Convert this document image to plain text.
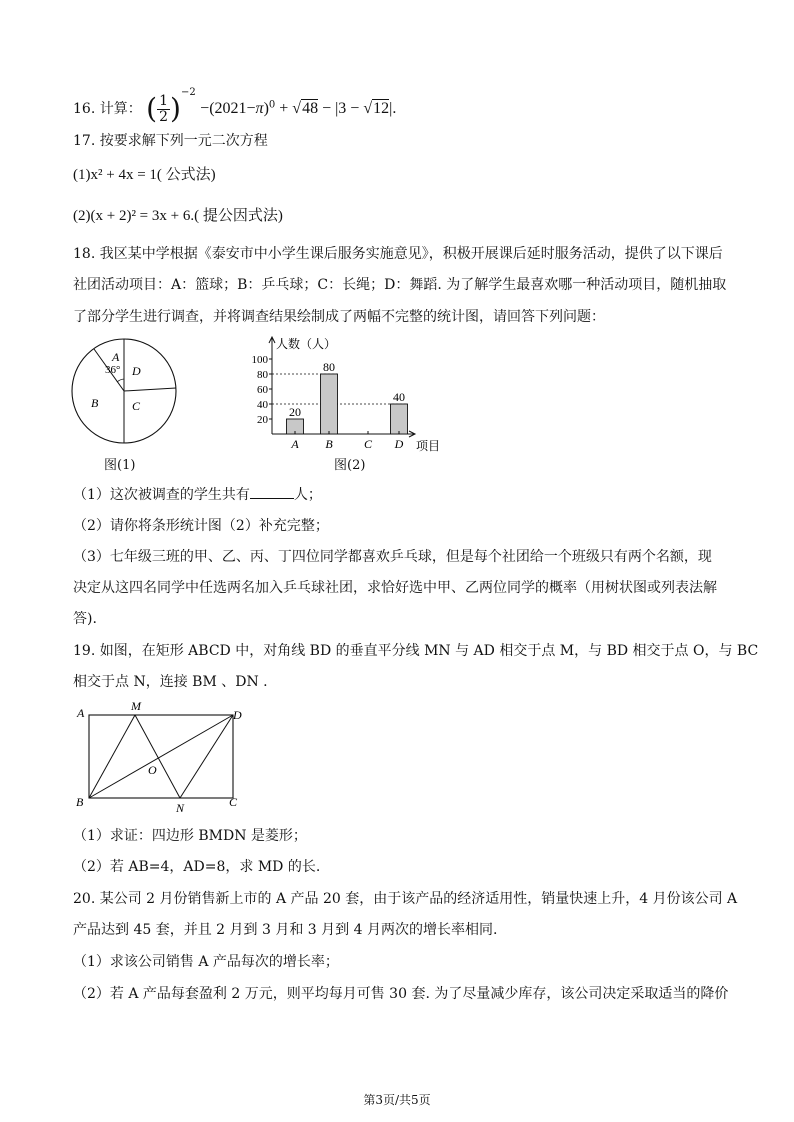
16. 计算： ( $\frac{1}{2} )^{-2} -(2021-\pi)^0 + √48 - |3 - √12|$.
17. 按要求解下列一元二次方程
(1)x² + 4x = 1( 公式法)
(2)(x + 2)² = 3x + 6.( 提公因式法)
18. 我区某中学根据《泰安市中小学生课后服务实施意见》，积极开展课后延时服务活动，提供了以下课后
社团活动项目：A：篮球；B：乒乓球；C：长绳；D：舞蹈. 为了解学生最喜欢哪一种活动项目，随机抽取
了部分学生进行调查，并将调查结果绘制成了两幅不完整的统计图，请回答下列问题：
A
D
B	C
36°
图(1)
人数（人）
项目
20
40
60
80
100
A B	C D
20
80
40
图(2)
（1）这次被调查的学生共有	人；
（2）请你将条形统计图（2）补充完整；
（3）七年级三班的甲、乙、丙、丁四位同学都喜欢乒乓球，但是每个社团给一个班级只有两个名额，现
决定从这四名同学中任选两名加入乒乓球社团，求恰好选中甲、乙两位同学的概率（用树状图或列表法解
答).
19. 如图，在矩形 ABCD 中，对角线 BD 的垂直平分线 MN 与 AD 相交于点 M，与 BD 相交于点 O，与 BC
相交于点 N，连接 BM 、DN .
A	M
D
O
B	N	C
（1）求证：四边形 BMDN 是菱形；
（2）若 AB=4，AD=8，求 MD 的长.
20. 某公司 2 月份销售新上市的 A 产品 20 套，由于该产品的经济适用性，销量快速上升，4 月份该公司 A
产品达到 45 套，并且 2 月到 3 月和 3 月到 4 月两次的增长率相同.
（1）求该公司销售 A 产品每次的增长率；
（2）若 A 产品每套盈利 2 万元，则平均每月可售 30 套. 为了尽量减少库存，该公司决定采取适当的降价
第3页/共5页
